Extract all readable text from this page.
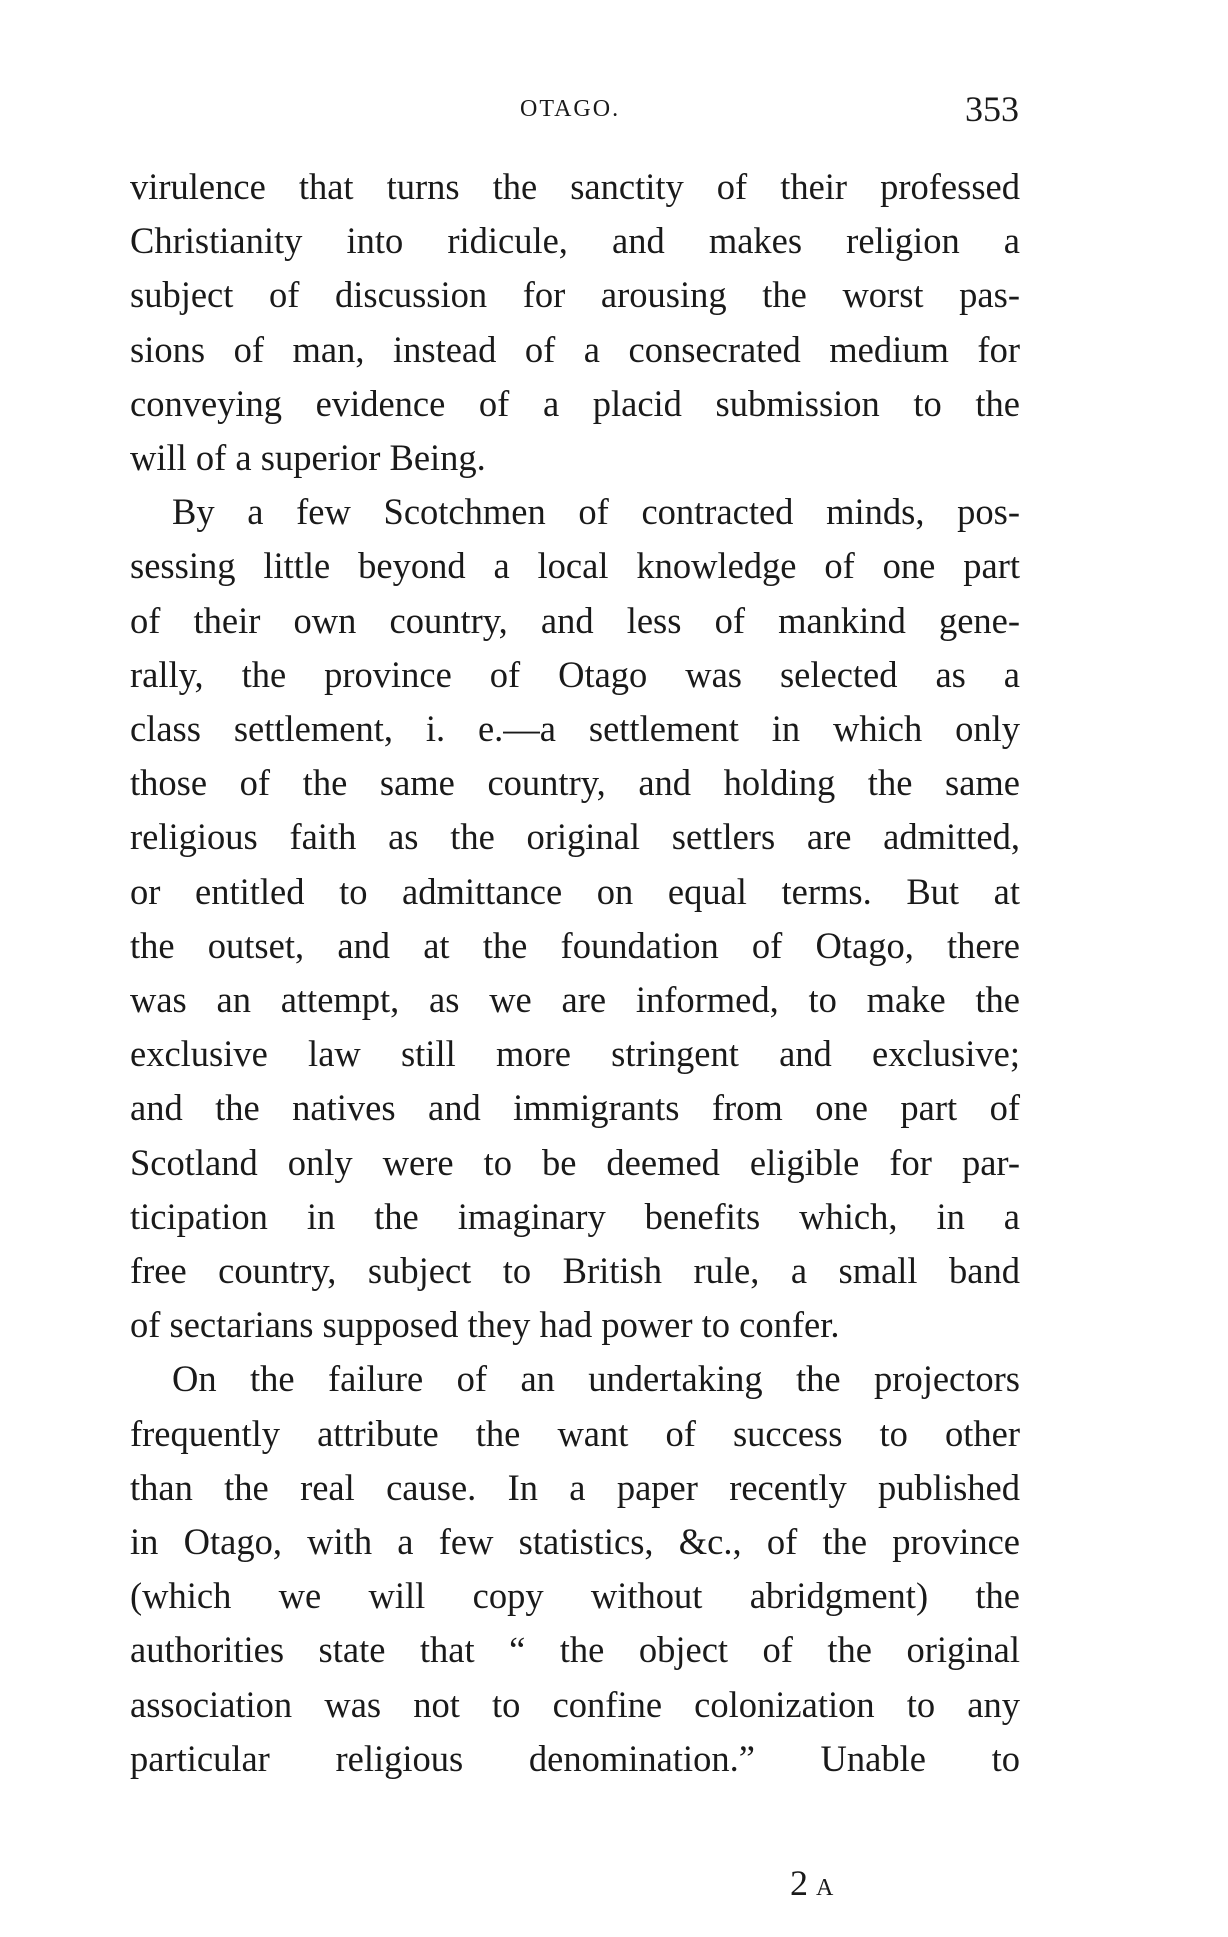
OTAGO.	353
virulence that turns the sanctity of their professed
Christianity into ridicule, and makes religion a
subject of discussion for arousing the worst pas-
sions of man, instead of a consecrated medium for
conveying evidence of a placid submission to the
will of a superior Being.
By a few Scotchmen of contracted minds, pos-
sessing little beyond a local knowledge of one part
of their own country, and less of mankind gene-
rally, the province of Otago was selected as a
class settlement, i. e.—a settlement in which only
those of the same country, and holding the same
religious faith as the original settlers are admitted,
or entitled to admittance on equal terms. But at
the outset, and at the foundation of Otago, there
was an attempt, as we are informed, to make the
exclusive law still more stringent and exclusive;
and the natives and immigrants from one part of
Scotland only were to be deemed eligible for par-
ticipation in the imaginary benefits which, in a
free country, subject to British rule, a small band
of sectarians supposed they had power to confer.
On the failure of an undertaking the projectors
frequently attribute the want of success to other
than the real cause. In a paper recently published
in Otago, with a few statistics, &c., of the province
(which we will copy without abridgment) the
authorities state that “ the object of the original
association was not to confine colonization to any
particular religious denomination.” Unable to
2A
